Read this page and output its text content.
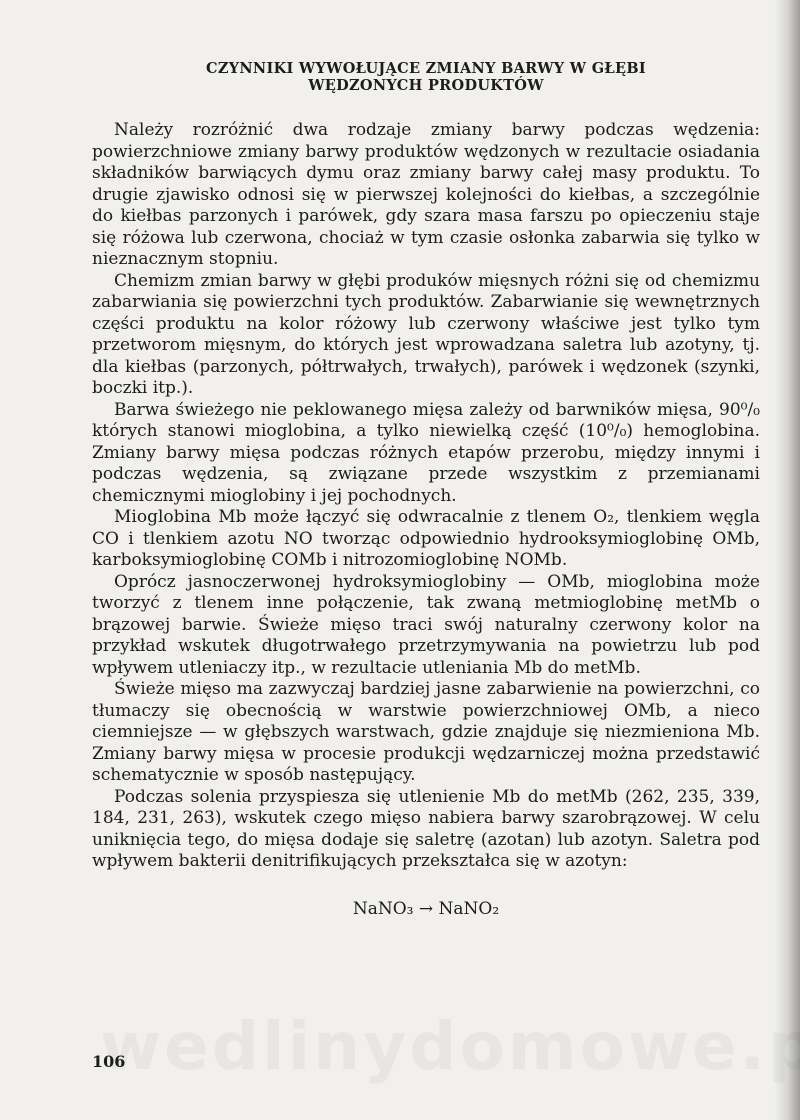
CZYNNIKI WYWOŁUJĄCE ZMIANY BARWY W GŁĘBI
WĘDZONYCH PRODUKTÓW

Należy rozróżnić dwa rodzaje zmiany barwy podczas wędzenia: powierzchniowe zmiany barwy produktów wędzonych w rezultacie osiadania składników barwiących dymu oraz zmiany barwy całej masy produktu. To drugie zjawisko odnosi się w pierwszej kolejności do kiełbas, a szczególnie do kiełbas parzonych i parówek, gdy szara masa farszu po opieczeniu staje się różowa lub czerwona, chociaż w tym czasie osłonka zabarwia się tylko w nieznacznym stopniu.

Chemizm zmian barwy w głębi produków mięsnych różni się od chemizmu zabarwiania się powierzchni tych produktów. Zabarwianie się wewnętrznych części produktu na kolor różowy lub czerwony właściwe jest tylko tym przetworom mięsnym, do których jest wprowadzana saletra lub azotyny, tj. dla kiełbas (parzonych, półtrwałych, trwałych), parówek i wędzonek (szynki, boczki itp.).

Barwa świeżego nie peklowanego mięsa zależy od barwników mięsa, 90⁰/₀ których stanowi mioglobina, a tylko niewielką część (10⁰/₀) hemoglobina. Zmiany barwy mięsa podczas różnych etapów przerobu, między innymi i podczas wędzenia, są związane przede wszystkim z przemianami chemicznymi mioglobiny i jej pochodnych.

Mioglobina Mb może łączyć się odwracalnie z tlenem O₂, tlenkiem węgla CO i tlenkiem azotu NO tworząc odpowiednio hydrooksymioglobinę OMb, karboksymioglobinę COMb i nitrozomioglobinę NOMb.

Oprócz jasnoczerwonej hydroksymioglobiny — OMb, mioglobina może tworzyć z tlenem inne połączenie, tak zwaną metmioglobinę metMb o brązowej barwie. Świeże mięso traci swój naturalny czerwony kolor na przykład wskutek długotrwałego przetrzymywania na powietrzu lub pod wpływem utleniaczy itp., w rezultacie utleniania Mb do metMb.

Świeże mięso ma zazwyczaj bardziej jasne zabarwienie na powierzchni, co tłumaczy się obecnością w warstwie powierzchniowej OMb, a nieco ciemniejsze — w głębszych warstwach, gdzie znajduje się niezmieniona Mb. Zmiany barwy mięsa w procesie produkcji wędzarniczej można przedstawić schematycznie w sposób następujący.

Podczas solenia przyspiesza się utlenienie Mb do metMb (262, 235, 339, 184, 231, 263), wskutek czego mięso nabiera barwy szarobrązowej. W celu uniknięcia tego, do mięsa dodaje się saletrę (azotan) lub azotyn. Saletra pod wpływem bakterii denitrifikujących przekształca się w azotyn:

NaNO₃ → NaNO₂
106
